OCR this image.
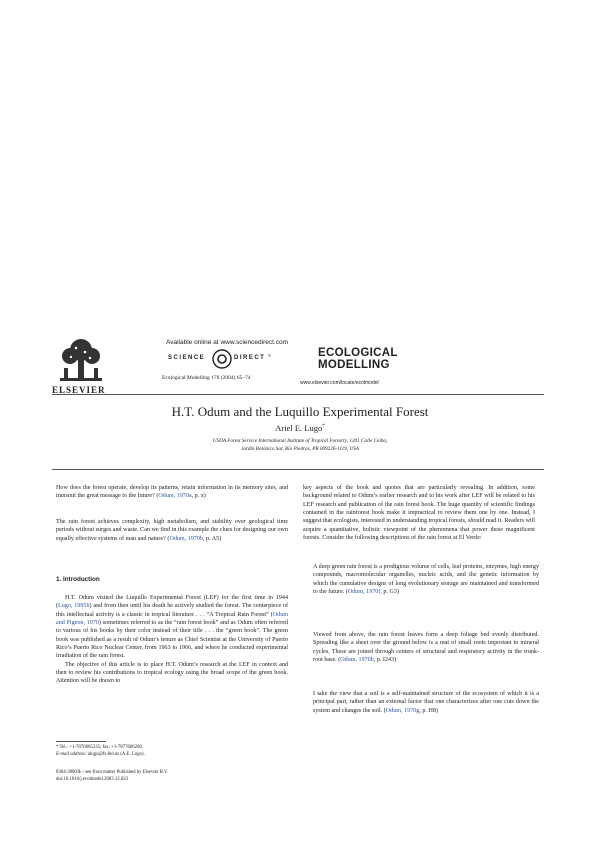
ELSEVIER
Available online at www.sciencedirect.com
SCIENCE	DIRECT ®
Ecological Modelling 178 (2004) 65–74
ECOLOGICAL
MODELLING
www.elsevier.com/locate/ecolmodel
H.T. Odum and the Luquillo Experimental Forest
Ariel E. Lugo*
USDA Forest Service International Institute of Tropical Forestry, 1201 Calle Ceiba,
Jardín Botánico Sur, Río Piedras, PR 009226-1119, USA

How does the forest operate, develop its patterns, retain information in its memory sites, and transmit the great message to the future? (Odum, 1970a, p. x)

The rain forest achieves complexity, high metabolism, and stability over geological time periods without surges and waste. Can we find in this example the clues for designing our own equally effective systems of man and nature? (Odum, 1970b, p. A5)

1. Introduction

H.T. Odum visited the Luquillo Experimental Forest (LEF) for the first time in 1944 (Lugo, 1995b) and from then until his death he actively studied the forest. The centerpiece of this intellectual activity is a classic in tropical literature . . . “A Tropical Rain Forest” (Odum and Pigeon, 1970) sometimes referred to as the “rain forest book” and as Odum often referred to various of his books by their color instead of their title . . . the “green book”. The green book was published as a result of Odum’s tenure as Chief Scientist at the University of Puerto Rico’s Puerto Rico Nuclear Center, from 1963 to 1966, and where he conducted experimental irradiation of the rain forest.

The objective of this article is to place H.T. Odum’s research at the LEF in context and then to review his contributions to tropical ecology using the broad scope of the green book. Attention will be drawn to

* Tel.: +1-7876665335; fax: +1-7877666200.
E-mail address: alugo@fs.fed.us (A.E. Lugo).
0304-3800/$ – see front matter Published by Elsevier B.V.
doi:10.1016/j.ecolmodel.2003.12.023
key aspects of the book and quotes that are particularly revealing. In addition, some background related to Odum’s earlier research and to his work after LEF will be related to his LEF research and publication of the rain forest book. The huge quantity of scientific findings contained in the rainforest book make it impractical to review them one by one. Instead, I suggest that ecologists, interested in understanding tropical forests, should read it. Readers will acquire a quantitative, holistic viewpoint of the phenomena that power these magnificent forests. Consider the following descriptions of the rain forest at El Verde:
A deep green rain forest is a prodigious volume of cells, leaf proteins, enzymes, high energy compounds, macromolecular organelles, nucleic acids, and the genetic information by which the cumulative designs of long evolutionary storage are maintained and transformed to the future. (Odum, 1970f, p. G3)
Viewed from above, the rain forest leaves form a deep foliage bed evenly distributed. Spreading like a sheet over the ground below is a mat of small roots important to mineral cycles. These are joined through centers of structural and respiratory activity in the trunk-root base. (Odum, 1970h, p. I243)
I take the view that a soil is a self-maintained structure of the ecosystem of which it is a principal part, rather than an external factor that one characterizes after one cuts down the system and changes the soil. (Odum, 1970g, p. H8)
